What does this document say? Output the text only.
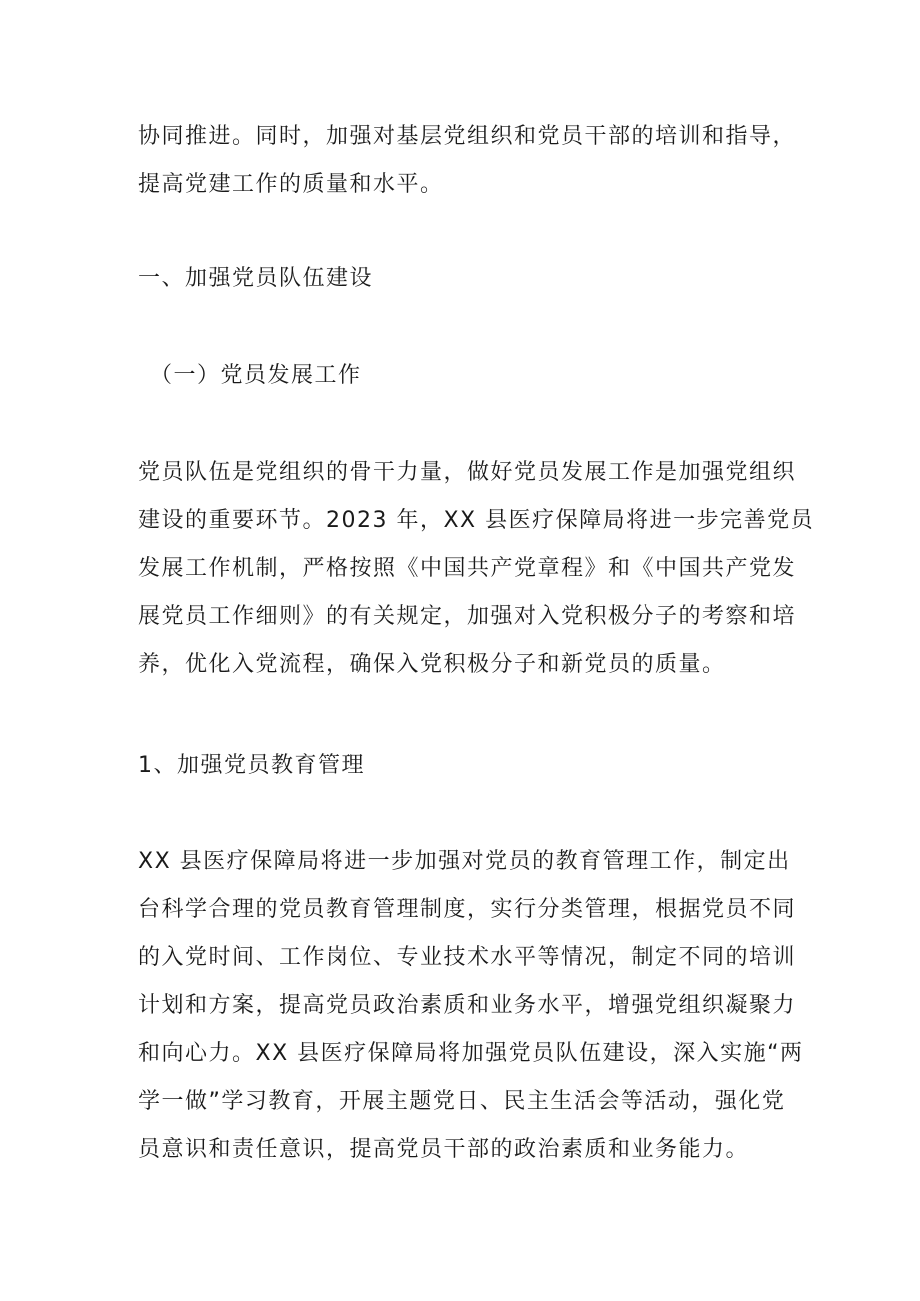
协同推进。同时，加强对基层党组织和党员干部的培训和指导，
提高党建工作的质量和水平。
一、加强党员队伍建设
（一）党员发展工作
党员队伍是党组织的骨干力量，做好党员发展工作是加强党组织
建设的重要环节。2023 年，XX 县医疗保障局将进一步完善党员
发展工作机制，严格按照《中国共产党章程》和《中国共产党发
展党员工作细则》的有关规定，加强对入党积极分子的考察和培
养，优化入党流程，确保入党积极分子和新党员的质量。
1、加强党员教育管理
XX 县医疗保障局将进一步加强对党员的教育管理工作，制定出
台科学合理的党员教育管理制度，实行分类管理，根据党员不同
的入党时间、工作岗位、专业技术水平等情况，制定不同的培训
计划和方案，提高党员政治素质和业务水平，增强党组织凝聚力
和向心力。XX 县医疗保障局将加强党员队伍建设，深入实施“两
学一做”学习教育，开展主题党日、民主生活会等活动，强化党
员意识和责任意识，提高党员干部的政治素质和业务能力。
